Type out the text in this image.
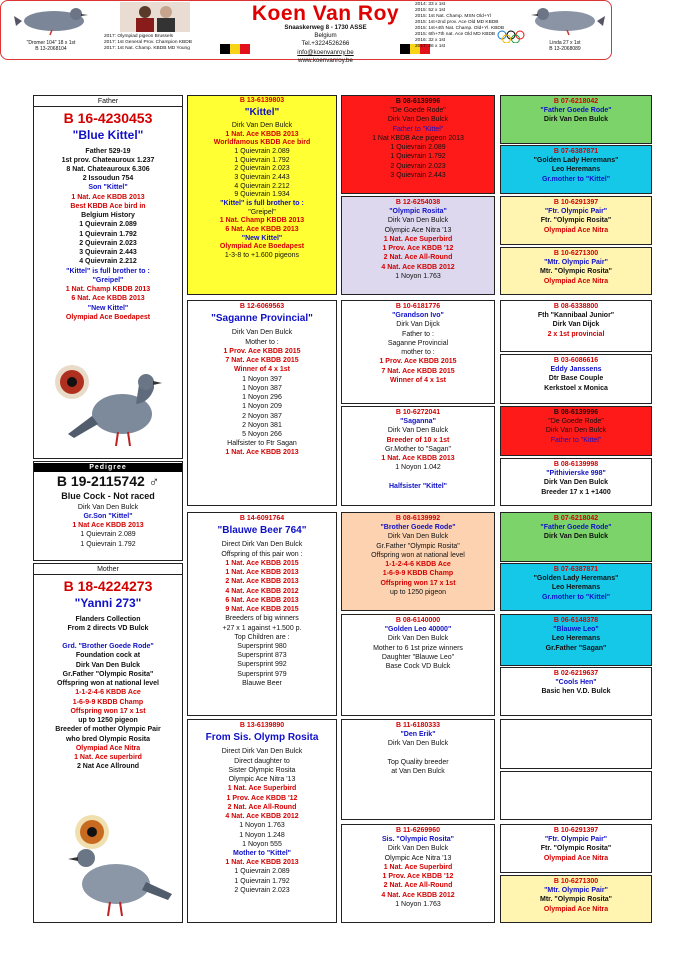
2017: Olympiad pigeon Brussels
2017: 1st General Prov. Champion KBDB
2017: 1st Nat. Champ. KBDB MD Young
"Dromer 104" 18 x 1st
B 13-2068104
Koen Van Roy
Snaaskerweg 8 - 1730 ASSE
Belgium
Tel.+3224526266
info@koenvanroy.be
www.koenvanroy.be
2014: 33 x 1st
2015: 52 x 1st
2015: 1st Nat. Champ. MSN Old+Yl
2015: 1st+2nd prov. Ace Old MD KBDB
2015: 1st+4th Nat. Champ. Old+Yl. KBDB
2015: 6th+7th nat. Ace Old MD KBDB
2016: 32 x 1st
2017: 36 x 1st
Linda 27 x 1st
B 13-2068089
Father
B 16-4230453
"Blue Kittel"
Father 529-19
1st prov. Chateauroux 1.237
8 Nat. Chateauroux 6.306
2 Issoudun 754
Son "Kittel"
1 Nat. Ace KBDB 2013
Best KBDB Ace bird in
Belgium History
1 Quievrain 2.089
1 Quievrain 1.792
2 Quievrain 2.023
3 Quievrain 2.443
4 Quievrain 2.212
"Kittel" is full brother to :
"Greipel"
1 Nat. Champ KBDB 2013
6 Nat. Ace KBDB 2013
"New Kittel"
Olympiad Ace Boedapest
Pedigree
B 19-2115742 ♂
Blue Cock - Not raced
Dirk Van Den Bulck
Gr.Son "Kittel"
1 Nat Ace KBDB 2013
1 Quievrain 2.089
1 Quievrain 1.792
Mother
B 18-4224273
"Yanni 273"
Flanders Collection
From 2 directs VD Bulck

Grd. "Brother Goede Rode"
Foundation cock at
Dirk Van Den Bulck
Gr.Father "Olympic Rosita"
Offspring won at national level
1-1-2-4-6 KBDB Ace
1-6-9-9 KBDB Champ
Offspring won 17 x 1st
up to 1250 pigeon
Breeder of mother Olympic Pair
who bred Olympic Rosita
Olympiad Ace Nitra
1 Nat. Ace superbird
2 Nat Ace Allround
B 13-6139803
"Kittel"
Dirk Van Den Bulck
1 Nat. Ace KBDB 2013
Worldfamous KBDB Ace bird
1 Quievrain 2.089
1 Quievrain 1.792
2 Quievrain 2.023
3 Quievrain 2.443
4 Quievrain 2.212
9 Quievrain 1.934
"Kittel" is full brother to :
"Greipel"
1 Nat. Champ KBDB 2013
6 Nat. Ace KBDB 2013
"New Kittel"
Olympiad Ace Boedapest
1-3-8 to +1.600 pigeons
B 12-6069563
"Saganne Provincial"
Dirk Van Den Bulck
Mother to :
1 Prov. Ace KBDB 2015
7 Nat. Ace KBDB 2015
Winner of 4 x 1st
1 Noyon 397
1 Noyon 387
1 Noyon 296
1 Noyon 209
2 Noyon 387
2 Noyon 381
5 Noyon 266
Halfsister to Ftr Sagan
1 Nat. Ace KBDB 2013
B 14-6091764
"Blauwe Beer 764"
Direct Dirk Van Den Bulck
Offspring of this pair won :
1 Nat. Ace KBDB 2015
1 Nat. Ace KBDB 2013
2 Nat. Ace KBDB 2013
4 Nat. Ace KBDB 2012
6 Nat. Ace KBDB 2013
9 Nat. Ace KBDB 2015
Breeders of big winners
+27 x 1 against +1.500 p.
Top Children are :
Supersprint 980
Supersprint 873
Supersprint 992
Supersprint 979
Blauwe Beer
B 13-6139890
From Sis. Olymp Rosita
Direct Dirk Van Den Bulck
Direct daughter to
Sister Olympic Rosita
Olympic Ace Nitra '13
1 Nat. Ace Superbird
1 Prov. Ace KBDB '12
2 Nat. Ace All-Round
4 Nat. Ace KBDB 2012
1 Noyon 1.763
1 Noyon 1.248
1 Noyon 555
Mother to "Kittel"
1 Nat. Ace KBDB 2013
1 Quievrain 2.089
1 Quievrain 1.792
2 Quievrain 2.023
B 08-6139996
"De Goede Rode"
Dirk Van Den Bulck
Father to "Kittel"
1 Nat KBDB Ace pigeon 2013
1 Quievrain 2.089
1 Quievrain 1.792
2 Quievrain 2.023
3 Quievrain 2.443
B 12-6254038
"Olympic Rosita"
Dirk Van Den Bulck
Olympic Ace Nitra '13
1 Nat. Ace Superbird
1 Prov. Ace KBDB '12
2 Nat. Ace All-Round
4 Nat. Ace KBDB 2012
1 Noyon 1.763
B 10-6181776
"Grandson Ivo"
Dirk Van Dijck
Father to :
Saganne Provincial
mother to :
1 Prov. Ace KBDB 2015
7 Nat. Ace KBDB 2015
Winner of 4 x 1st
B 10-6272041
"Saganna"
Dirk Van Den Bulck
Breeder of 10 x 1st
Gr.Mother to "Sagan"
1 Nat. Ace KBDB 2013
1 Noyon 1.042

Halfsister "Kittel"
B 08-6139992
"Brother Goede Rode"
Dirk Van Den Bulck
Gr.Father "Olympic Rosita"
Offspring won at national level
1-1-2-4-6 KBDB Ace
1-6-9-9 KBDB Champ
Offspring won 17 x 1st
up to 1250 pigeon
B 08-6140000
"Golden Leo 40000"
Dirk Van Den Bulck
Mother to 6 1st prize winners
Daughter "Blauwe Leo"
Base Cock VD Bulck
B 11-6180333
"Den Erik"
Dirk Van Den Bulck

Top Quality breeder
at Van Den Bulck
B 11-6269960
Sis. "Olympic Rosita"
Dirk Van Den Bulck
Olympic Ace Nitra '13
1 Nat. Ace Superbird
1 Prov. Ace KBDB '12
2 Nat. Ace All-Round
4 Nat. Ace KBDB 2012
1 Noyon 1.763
B 07-6218042
"Father Goede Rode"
Dirk Van Den Bulck
B 07-6387871
"Golden Lady Heremans"
Leo Heremans
Gr.mother to "Kittel"
B 10-6291397
"Ftr. Olympic Pair"
Ftr. "Olympic Rosita"
Olympiad Ace Nitra
B 10-6271300
"Mtr. Olympic Pair"
Mtr. "Olympic Rosita"
Olympiad Ace Nitra
B 08-6338800
Fth "Kannibaal Junior"
Dirk Van Dijck
2 x 1st provincial
B 03-6086616
Eddy Janssens
Dtr Base Couple
Kerkstoel x Monica
B 08-6139996
"De Goede Rode"
Dirk Van Den Bulck
Father to "Kittel"
B 08-6139998
"Pithivierske 998"
Dirk Van Den Bulck
Breeder 17 x 1 +1400
B 07-6218042
"Father Goede Rode"
Dirk Van Den Bulck
B 07-6387871
"Golden Lady Heremans"
Leo Heremans
Gr.mother to "Kittel"
B 06-6148378
"Blauwe Leo"
Leo Heremans
Gr.Father "Sagan"
B 02-6219637
"Cools Hen"
Basic hen V.D. Bulck
B 10-6291397
"Ftr. Olympic Pair"
Ftr. "Olympic Rosita"
Olympiad Ace Nitra
B 10-6271300
"Mtr. Olympic Pair"
Mtr. "Olympic Rosita"
Olympiad Ace Nitra
